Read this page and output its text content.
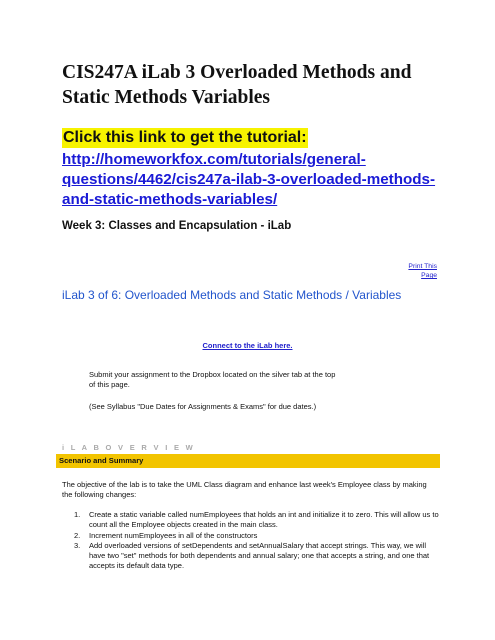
CIS247A iLab 3 Overloaded Methods and Static Methods Variables

Click this link to get the tutorial:

http://homeworkfox.com/tutorials/general-questions/4462/cis247a-ilab-3-overloaded-methods-and-static-methods-variables/

Week 3: Classes and Encapsulation - iLab

Print This Page
iLab 3 of 6: Overloaded Methods and Static Methods / Variables
Connect to the iLab here.

Submit your assignment to the Dropbox located on the silver tab at the top of this page.

(See Syllabus "Due Dates for Assignments & Exams" for due dates.)

i L A B O V E R V I E W
Scenario and Summary

The objective of the lab is to take the UML Class diagram and enhance last week's Employee class by making the following changes:

1. Create a static variable called numEmployees that holds an int and initialize it to zero. This will allow us to count all the Employee objects created in the main class.
2. Increment numEmployees in all of the constructors
3. Add overloaded versions of setDependents and setAnnualSalary that accept strings. This way, we will have two "set" methods for both dependents and annual salary; one that accepts a string, and one that accepts its default data type.
